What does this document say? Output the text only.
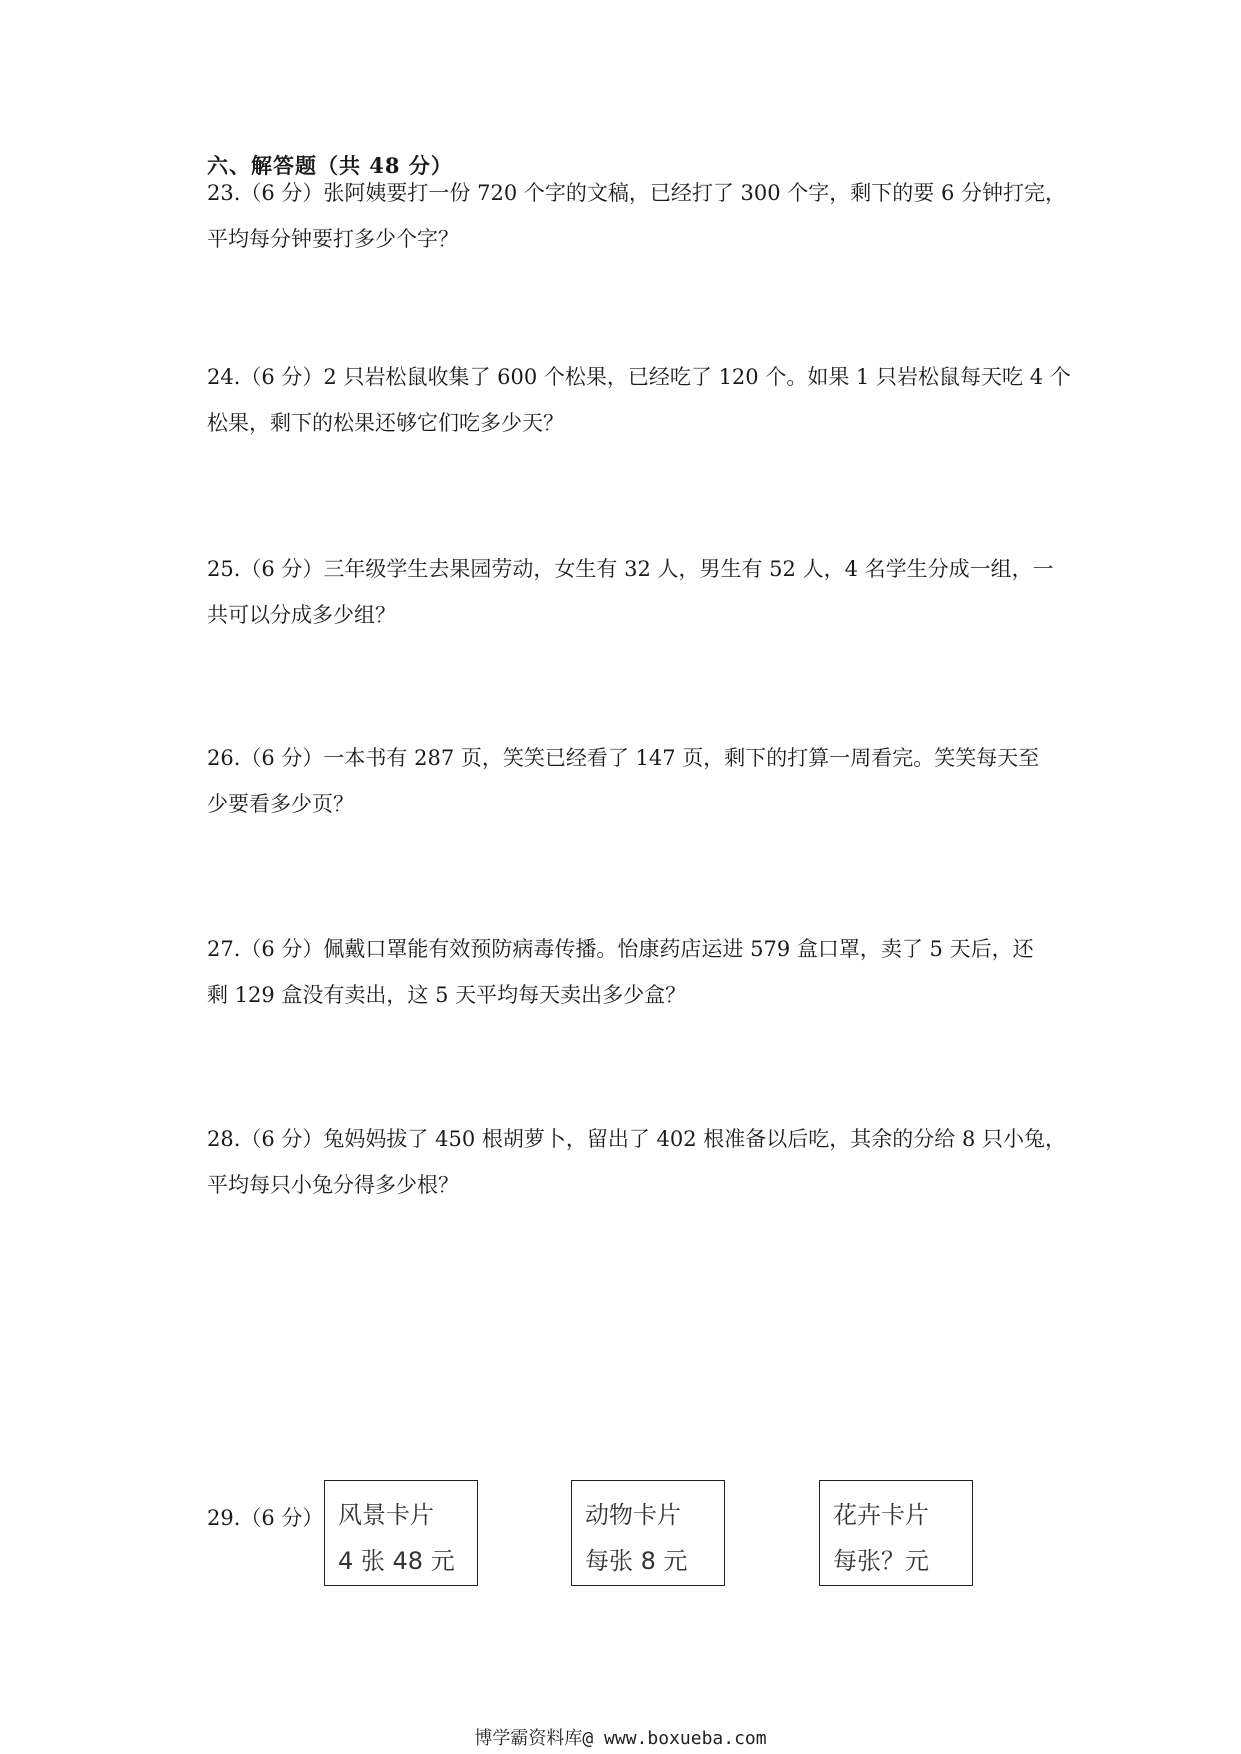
六、解答题（共 48 分）
23.（6 分）张阿姨要打一份 720 个字的文稿，已经打了 300 个字，剩下的要 6 分钟打完，
平均每分钟要打多少个字？
24.（6 分）2 只岩松鼠收集了 600 个松果，已经吃了 120 个。如果 1 只岩松鼠每天吃 4 个
松果，剩下的松果还够它们吃多少天？
25.（6 分）三年级学生去果园劳动，女生有 32 人，男生有 52 人，4 名学生分成一组，一
共可以分成多少组？
26.（6 分）一本书有 287 页，笑笑已经看了 147 页，剩下的打算一周看完。笑笑每天至
少要看多少页？
27.（6 分）佩戴口罩能有效预防病毒传播。怡康药店运进 579 盒口罩，卖了 5 天后，还
剩 129 盒没有卖出，这 5 天平均每天卖出多少盒？
28.（6 分）兔妈妈拔了 450 根胡萝卜，留出了 402 根准备以后吃，其余的分给 8 只小兔，
平均每只小兔分得多少根？
29.（6 分） 风景卡片
4 张 48 元
动物卡片
每张 8 元
花卉卡片
每张？元
博学霸资料库@ www.boxueba.com
